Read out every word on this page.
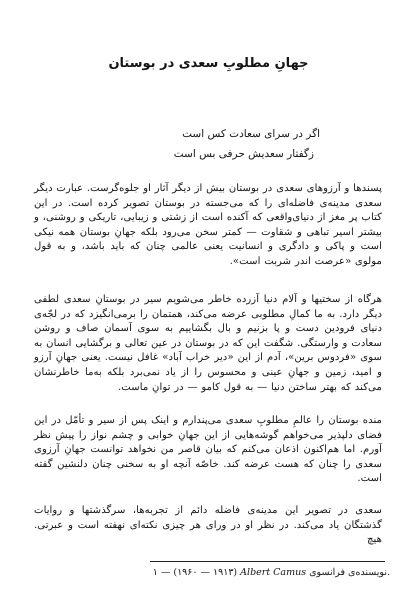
جهانِ مطلوبِ سعدی در بوستان
اگر در سرای سعادت کس است
زگفتار سعدیش حرفی بس است

پسندها و آرزوهای سعدی در بوستان بیش از دیگر آثار او جلوه‌گرست. عبارت دیگر سعدی مدینه‌ی فاضله‌ای را که می‌جسته در بوستان تصویر کرده است. در این کتاب پر مغز از دنیای‌واقعی که آکنده است از زشتی و زیبایی، تاریکی و روشنی، و بیشتر اسیر تباهی و شقاوت — کمتر سخن می‌رود بلکه جهانِ بوستان همه نیکی است و پاکی و دادگری و انسانیت یعنی عالمی چنان که باید باشد، و به قول مولوی «عرصت اندر شربت است».

هرگاه از سختیها و آلام دنیا آزرده خاطر می‌شویم سیر در بوستانِ سعدی لطفی دیگر دارد. به ما کمالِ مطلوبی عرضه می‌کند، همتمان را برمی‌انگیزد که در لجّه‌ی دنیای فرودین دست و پا بزنیم و بال بگشاییم به سوی آسمان صاف و روشن سعادت و وارستگی. شگفت این که در بوستان در عین تعالی و برگشایی انسان به سوی «فردوس برین»، آدم از این «دیر خراب آباد» غافل نیست. یعنی جهانِ آرزو و امید، زمین و جهانِ عینی و محسوس را از یاد نمی‌برد بلکه به‌ما خاطرنشان می‌کند که بهتر ساختن دنیا — به قول کامو — در توانِ ماست.

منده بوستان را عالمِ مطلوبِ سعدی می‌پندارم و اینک پس از سیر و تأمّل در این فضای دلپذیر می‌خواهم گوشه‌هایی از این جهانِ خوابی و چشم نواز را پیش نظر آورم. اما هم‌اکنون اذعان می‌کنم که بیان قاصر من نخواهد توانست جهانِ آرزوی سعدی را چنان که هست عرضه کند. خاصّه آنچه او به سخنی چنان دلنشین گفته است.

سعدی در تصویر این مدینه‌ی فاضله دائم از تجربه‌ها، سرگذشتها و روایات گذشتگان یاد می‌کند. در نظر او در ورای هر چیزی نکته‌ای نهفته است و عبرتی. هیچ

۱ — (۱۹۶۰ — ۱۹۱۳) Albert Camus نویسنده‌ی فرانسوی.
